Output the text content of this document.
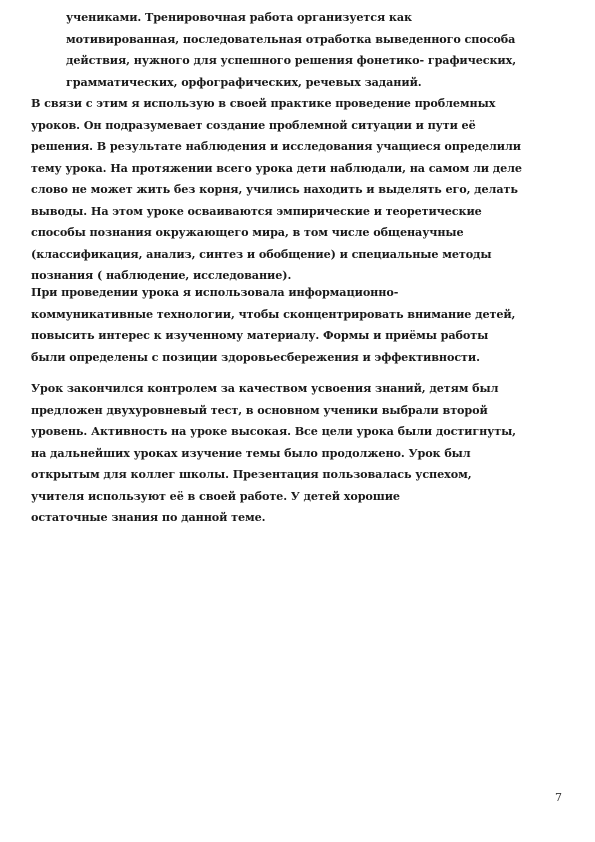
учениками. Тренировочная работа организуется как
мотивированная, последовательная отработка выведенного способа
действия, нужного для успешного решения фонетико- графических,
грамматических, орфографических, речевых заданий.
В связи с этим я использую в своей практике проведение проблемных
уроков. Он подразумевает создание проблемной ситуации и пути её
решения. В результате наблюдения и исследования учащиеся определили
тему урока. На протяжении всего урока дети наблюдали, на самом ли деле
слово не может жить без корня, учились находить и выделять его, делать
выводы. На этом уроке осваиваются эмпирические и теоретические
способы познания окружающего мира, в том числе общенаучные
(классификация, анализ, синтез и обобщение) и специальные методы
познания ( наблюдение, исследование).
При проведении урока я использовала информационно-
коммуникативные технологии, чтобы сконцентрировать внимание детей,
повысить интерес к изученному материалу. Формы и приёмы работы
были определены с позиции здоровьесбережения и эффективности.
Урок закончился контролем за качеством усвоения знаний, детям был
предложен двухуровневый тест, в основном ученики выбрали второй
уровень. Активность на уроке высокая. Все цели урока были достигнуты,
на дальнейших уроках изучение темы было продолжено. Урок был
открытым для коллег школы. Презентация пользовалась успехом,
учителя используют её в своей работе. У детей хорошие
остаточные знания по данной теме.
7
